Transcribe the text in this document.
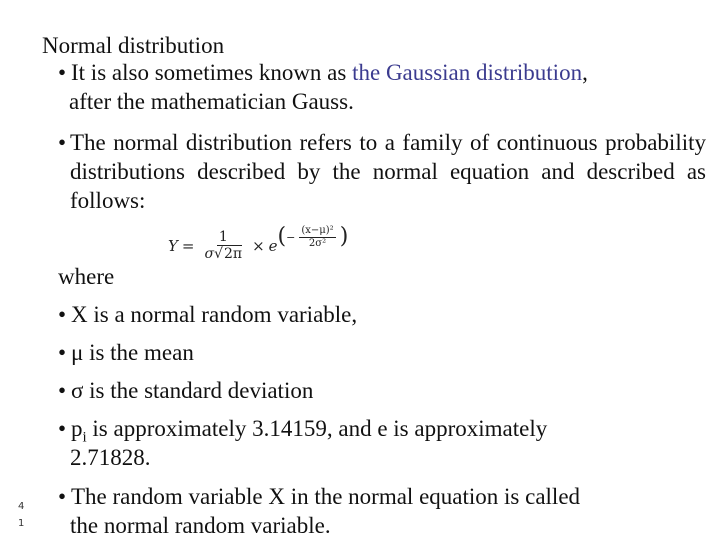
Normal distribution
• It is also sometimes known as the Gaussian distribution,
after the mathematician Gauss.
• The normal distribution refers to a family of continuous probability distributions described by the normal equation and described as follows:
$Y = \frac{1}{\sigma√2\pi} \times e$ ( − $\frac{\text{(x−μ)²}}{\text{2σ²}}$ )
where
• X is a normal random variable,
• μ is the mean
• σ is the standard deviation
• $p_i$ is approximately 3.14159, and e is approximately
2.71828.
• The random variable X in the normal equation is called
the normal random variable.
4
1
